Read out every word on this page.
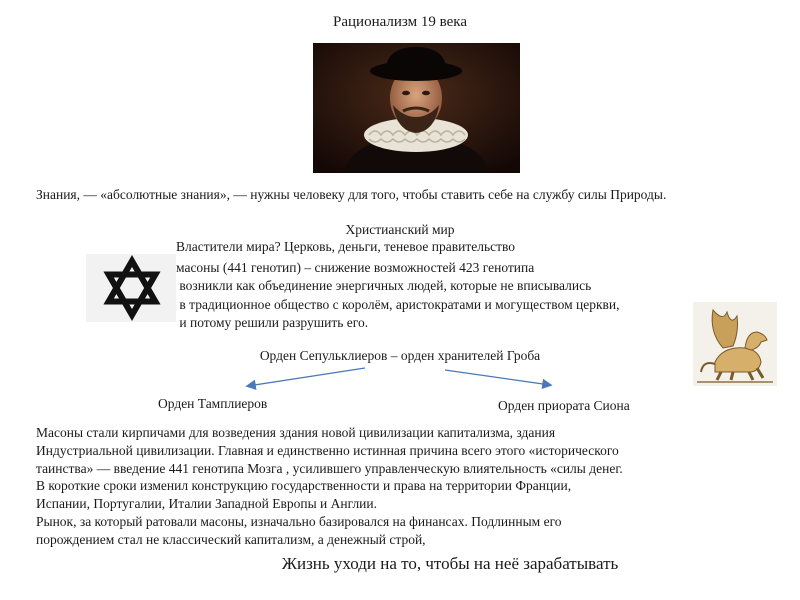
Рационализм 19 века
Знания, — «абсолютные знания», — нужны человеку для того, чтобы ставить себе на службу силы Природы.
Христианский мир
Властители мира? Церковь, деньги, теневое правительство
масоны (441 генотип) – снижение возможностей 423 генотипа
возникли как объединение энергичных людей, которые не вписывались
в традиционное общество с королём, аристократами и могуществом церкви,
и потому решили разрушить его.
Орден Сепульклиеров – орден хранителей Гроба
Орден Тамплиеров	Орден приората Сиона
Масоны стали кирпичами для возведения здания новой цивилизации капитализма, здания
Индустриальной цивилизации. Главная и единственно истинная причина всего этого «исторического
таинства» — введение 441 генотипа Мозга , усилившего управленческую влиятельность «силы денег.
В короткие сроки изменил конструкцию государственности и права на территории Франции,
Испании, Португалии, Италии Западной Европы и Англии.
Рынок, за который ратовали масоны, изначально базировался на финансах. Подлинным его
порождением стал не классический капитализм, а денежный строй,
Жизнь уходи на то, чтобы на неё зарабатывать
